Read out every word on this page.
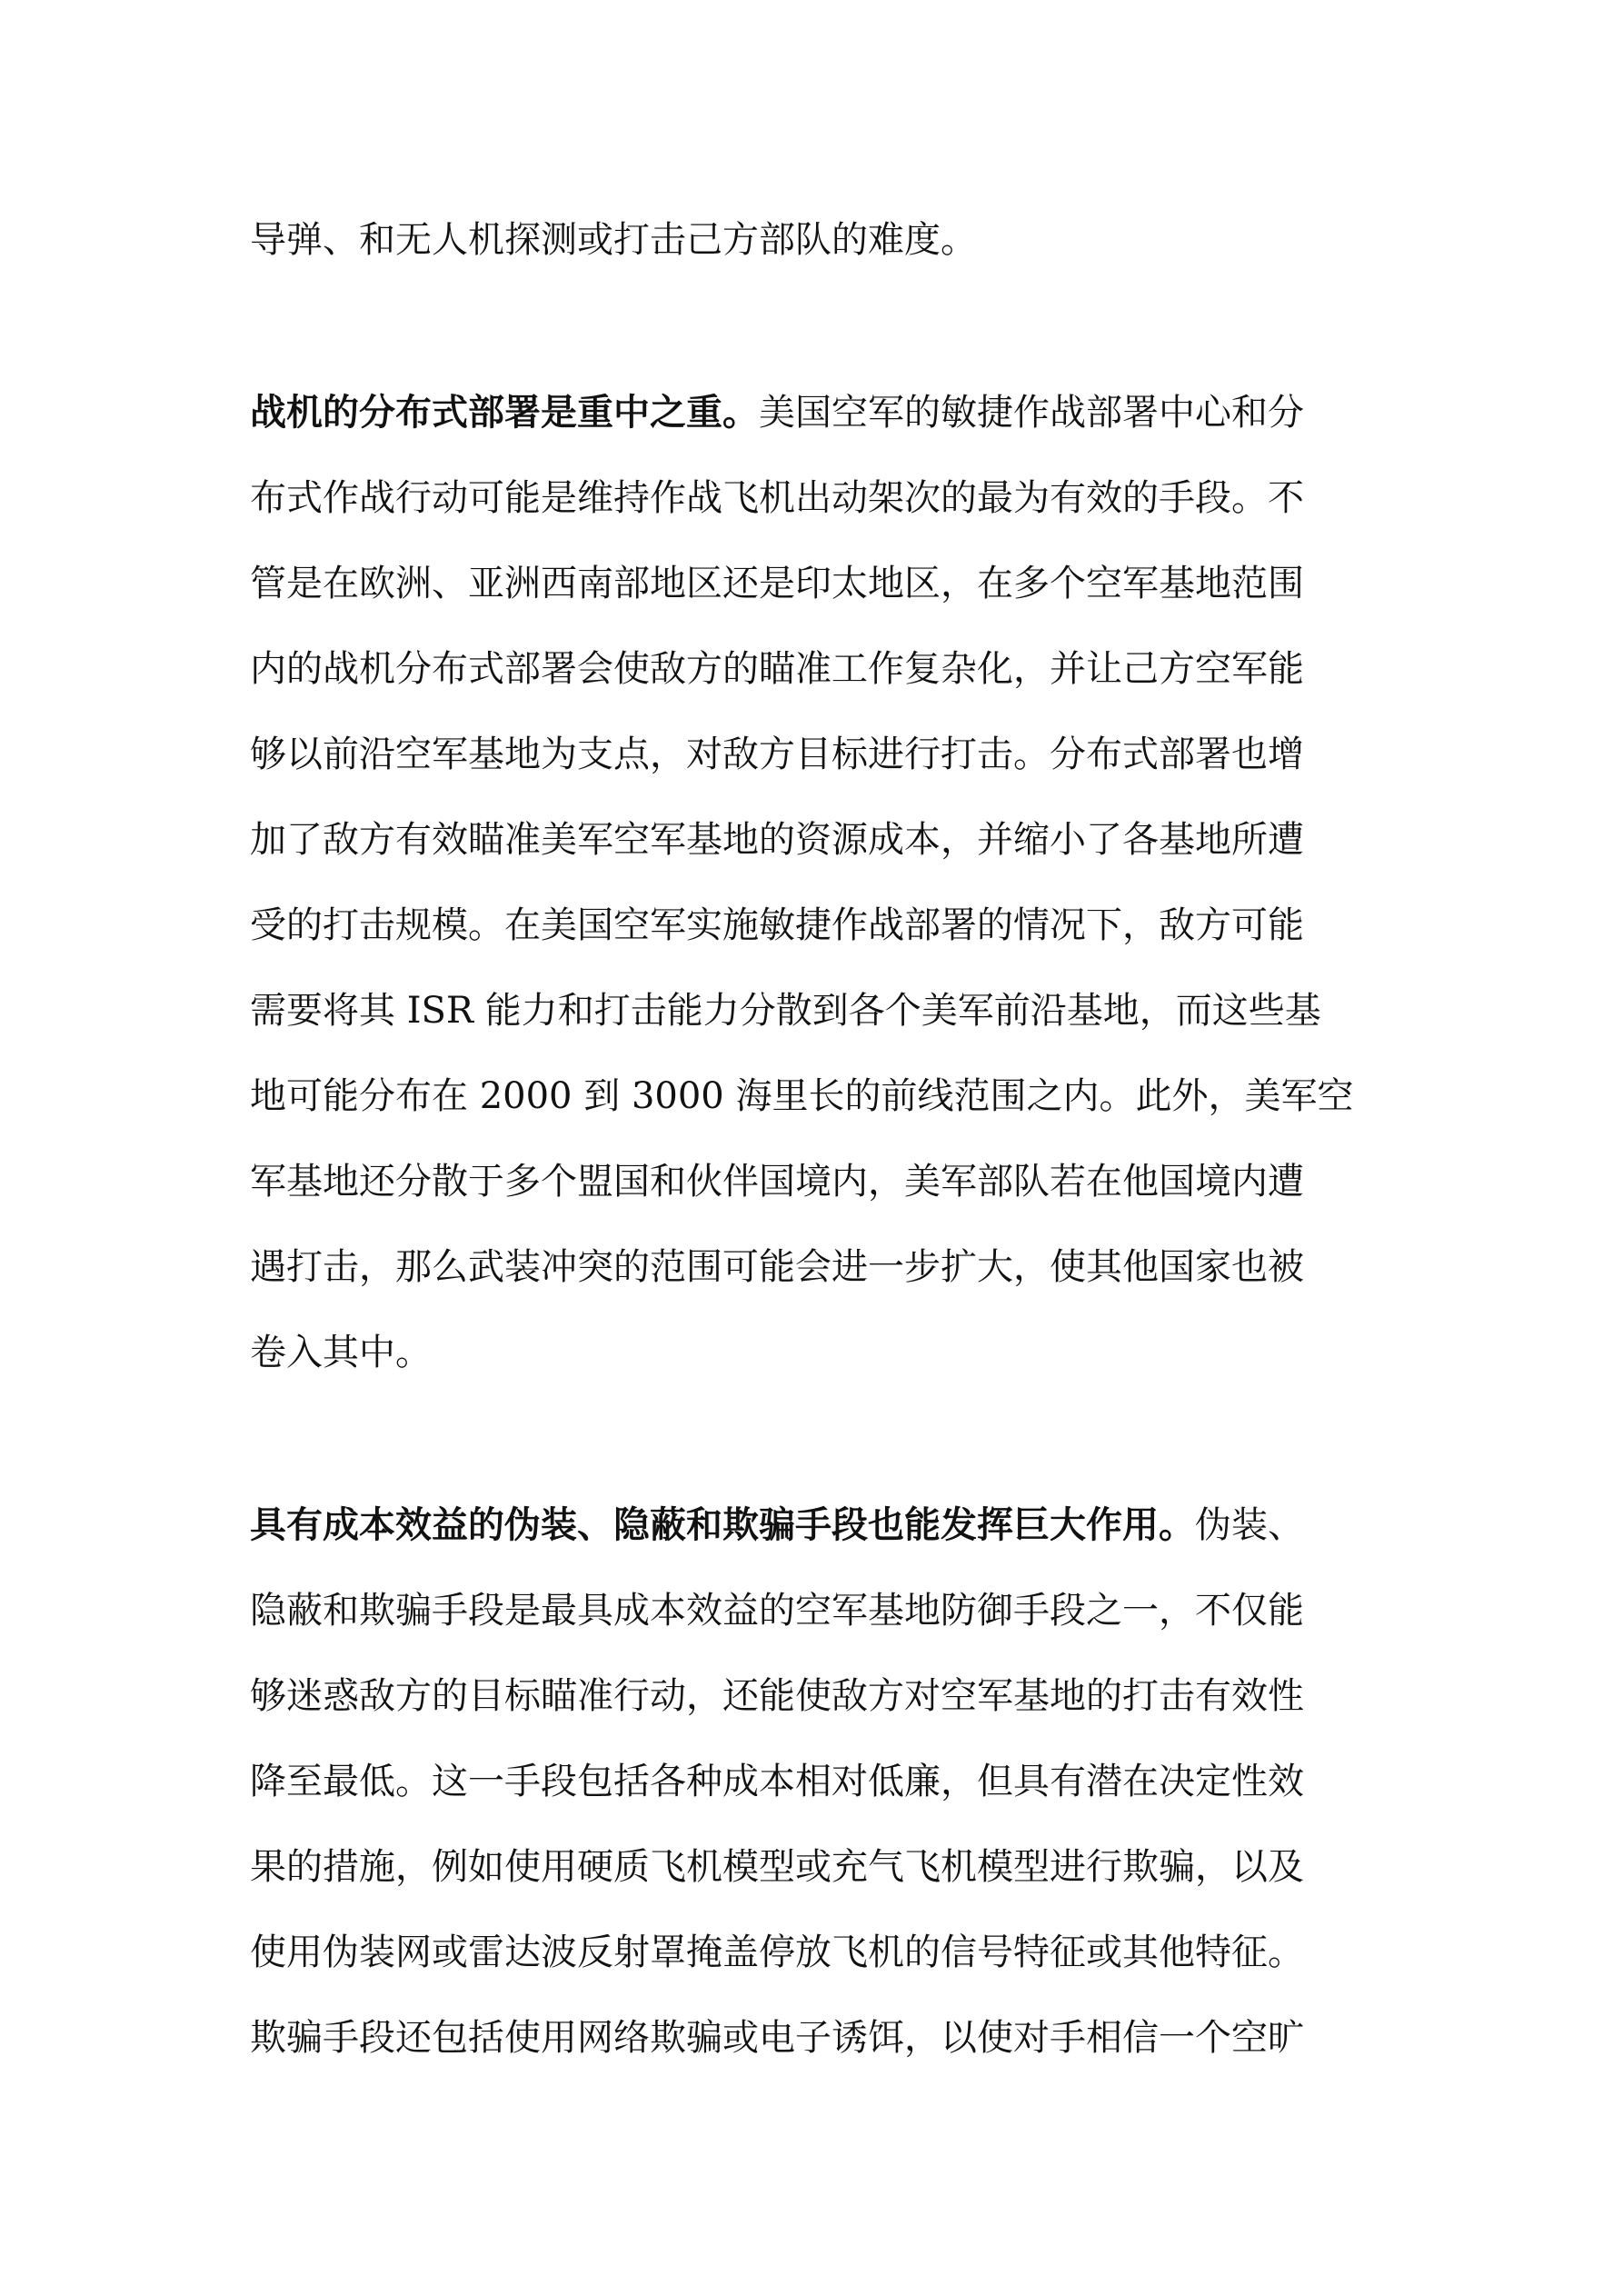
导弹、和无人机探测或打击己方部队的难度。
战机的分布式部署是重中之重。美国空军的敏捷作战部署中心和分
布式作战行动可能是维持作战飞机出动架次的最为有效的手段。不
管是在欧洲、亚洲西南部地区还是印太地区，在多个空军基地范围
内的战机分布式部署会使敌方的瞄准工作复杂化，并让己方空军能
够以前沿空军基地为支点，对敌方目标进行打击。分布式部署也增
加了敌方有效瞄准美军空军基地的资源成本，并缩小了各基地所遭
受的打击规模。在美国空军实施敏捷作战部署的情况下，敌方可能
需要将其 ISR 能力和打击能力分散到各个美军前沿基地，而这些基
地可能分布在 2000 到 3000 海里长的前线范围之内。此外，美军空
军基地还分散于多个盟国和伙伴国境内，美军部队若在他国境内遭
遇打击，那么武装冲突的范围可能会进一步扩大，使其他国家也被
卷入其中。
具有成本效益的伪装、隐蔽和欺骗手段也能发挥巨大作用。伪装、
隐蔽和欺骗手段是最具成本效益的空军基地防御手段之一，不仅能
够迷惑敌方的目标瞄准行动，还能使敌方对空军基地的打击有效性
降至最低。这一手段包括各种成本相对低廉，但具有潜在决定性效
果的措施，例如使用硬质飞机模型或充气飞机模型进行欺骗，以及
使用伪装网或雷达波反射罩掩盖停放飞机的信号特征或其他特征。
欺骗手段还包括使用网络欺骗或电子诱饵，以使对手相信一个空旷
